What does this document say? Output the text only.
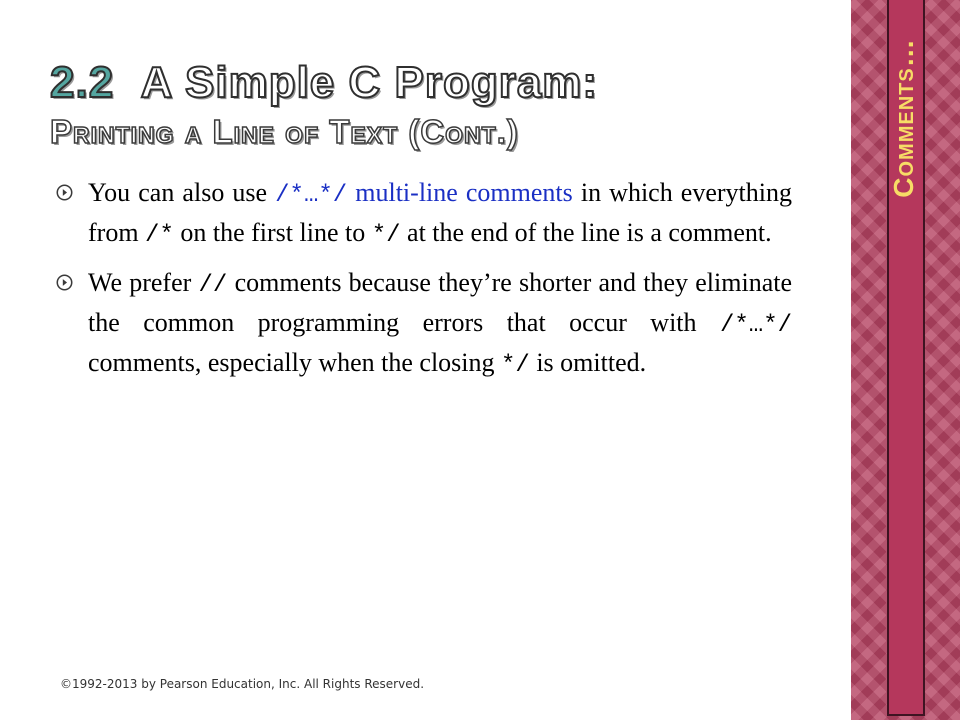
2.2 A Simple C Program:
Printing a Line of Text (Cont.)
You can also use /*…*/ multi-line comments in which everything from /* on the first line to */ at the end of the line is a comment.
We prefer // comments because they’re shorter and they eliminate the common programming errors that occur with /*…*/ comments, especially when the closing */ is omitted.
©1992-2013 by Pearson Education, Inc. All Rights Reserved.
Comments…
